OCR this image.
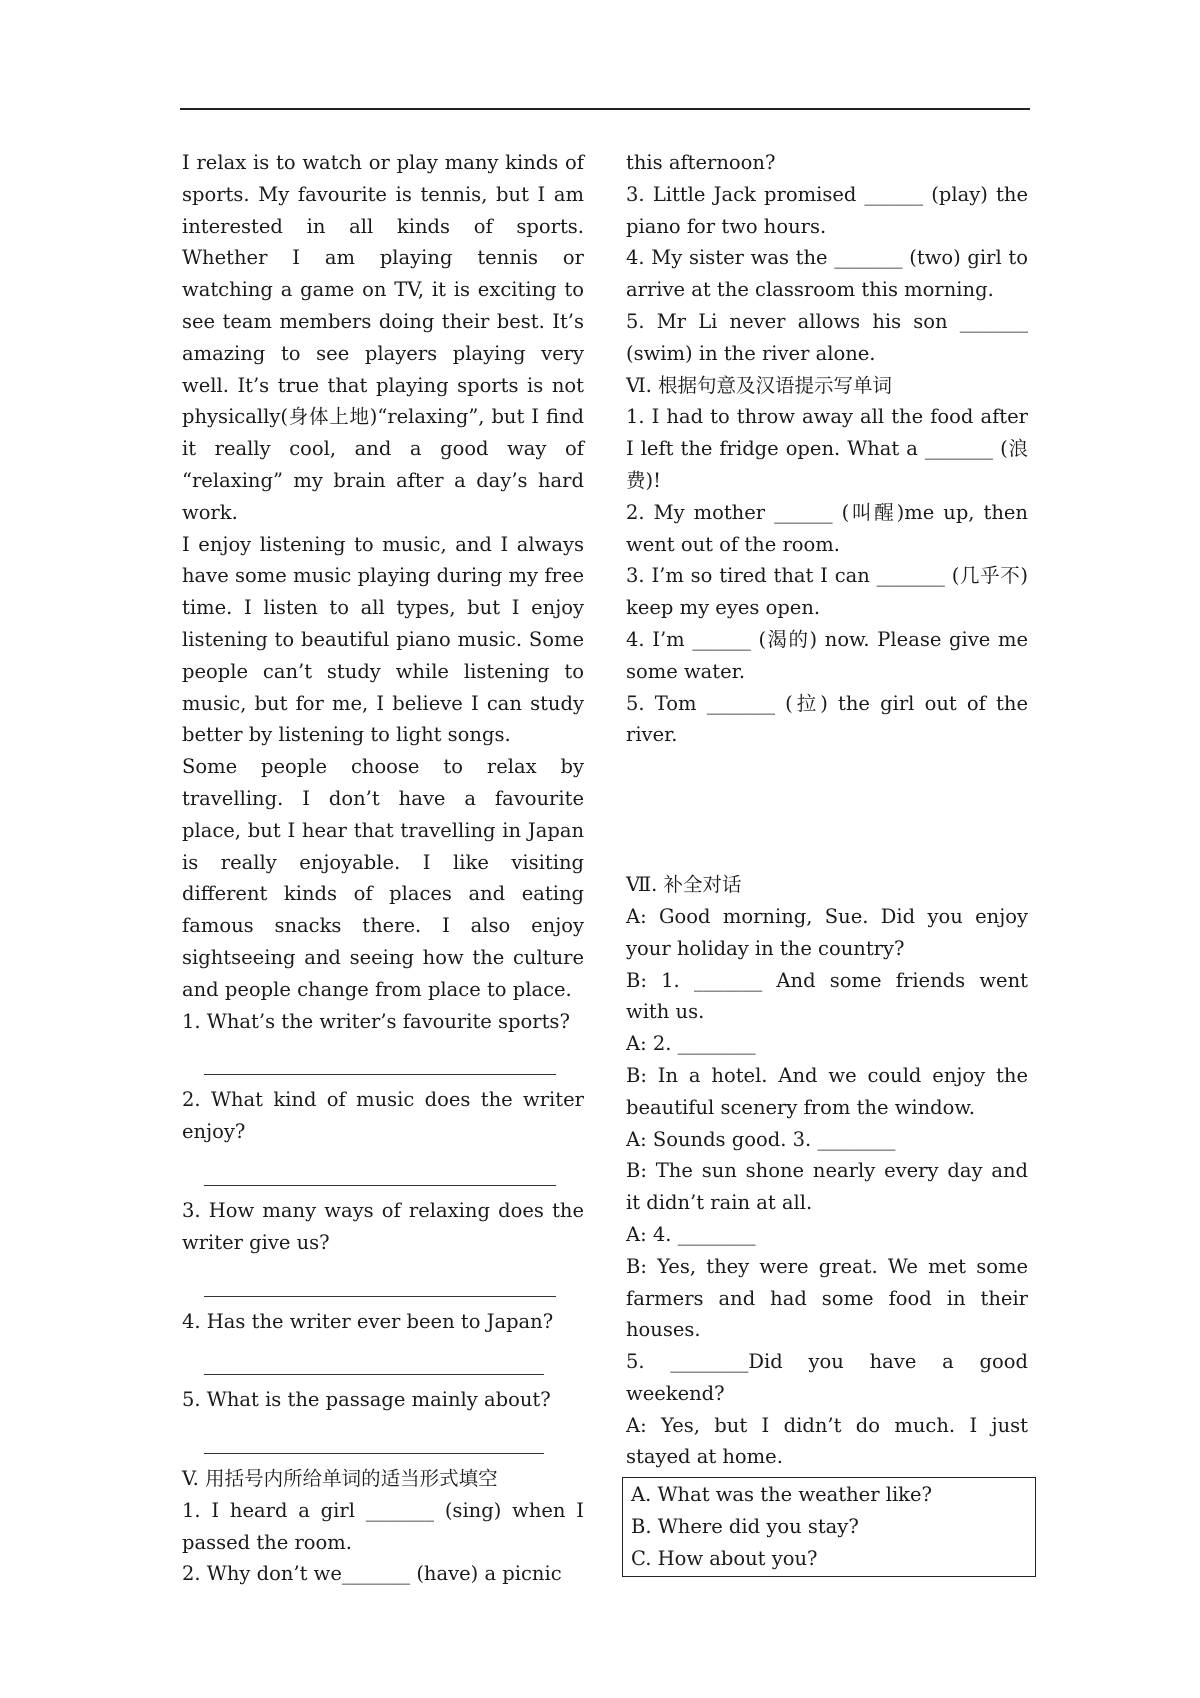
I relax is to watch or play many kinds of sports. My favourite is tennis, but I am interested in all kinds of sports. Whether I am playing tennis or watching a game on TV, it is exciting to see team members doing their best. It’s amazing to see players playing very well. It’s true that playing sports is not physically(身体上地)“relaxing”, but I find it really cool, and a good way of “relaxing” my brain after a day’s hard work.

I enjoy listening to music, and I always have some music playing during my free time. I listen to all types, but I enjoy listening to beautiful piano music. Some people can’t study while listening to music, but for me, I believe I can study better by listening to light songs.

Some people choose to relax by travelling. I don’t have a favourite place, but I hear that travelling in Japan is really enjoyable. I like visiting different kinds of places and eating famous snacks there. I also enjoy sightseeing and seeing how the culture and people change from place to place.

1. What’s the writer’s favourite sports?

2. What kind of music does the writer enjoy?

3. How many ways of relaxing does the writer give us?

4. Has the writer ever been to Japan?

5. What is the passage mainly about?

V. 用括号内所给单词的适当形式填空

1. I heard a girl _______ (sing) when I passed the room.

2. Why don’t we_______ (have) a picnic

this afternoon?

3. Little Jack promised ______ (play) the piano for two hours.

4. My sister was the _______ (two) girl to arrive at the classroom this morning.

5. Mr Li never allows his son _______ (swim) in the river alone.

Ⅵ. 根据句意及汉语提示写单词

1. I had to throw away all the food after I left the fridge open. What a _______ (浪费)!

2. My mother ______ (叫醒)me up, then went out of the room.

3. I’m so tired that I can _______ (几乎不) keep my eyes open.

4. I’m ______ (渴的) now. Please give me some water.

5. Tom _______ (拉) the girl out of the river.

Ⅶ. 补全对话

A: Good morning, Sue. Did you enjoy your holiday in the country?

B: 1. _______ And some friends went with us.

A: 2. ________

B: In a hotel. And we could enjoy the beautiful scenery from the window.

A: Sounds good. 3. ________

B: The sun shone nearly every day and it didn’t rain at all.

A: 4. ________

B: Yes, they were great. We met some farmers and had some food in their houses.

5. ________Did you have a good weekend?

A: Yes, but I didn’t do much. I just stayed at home.

A. What was the weather like?

B. Where did you stay?

C. How about you?
